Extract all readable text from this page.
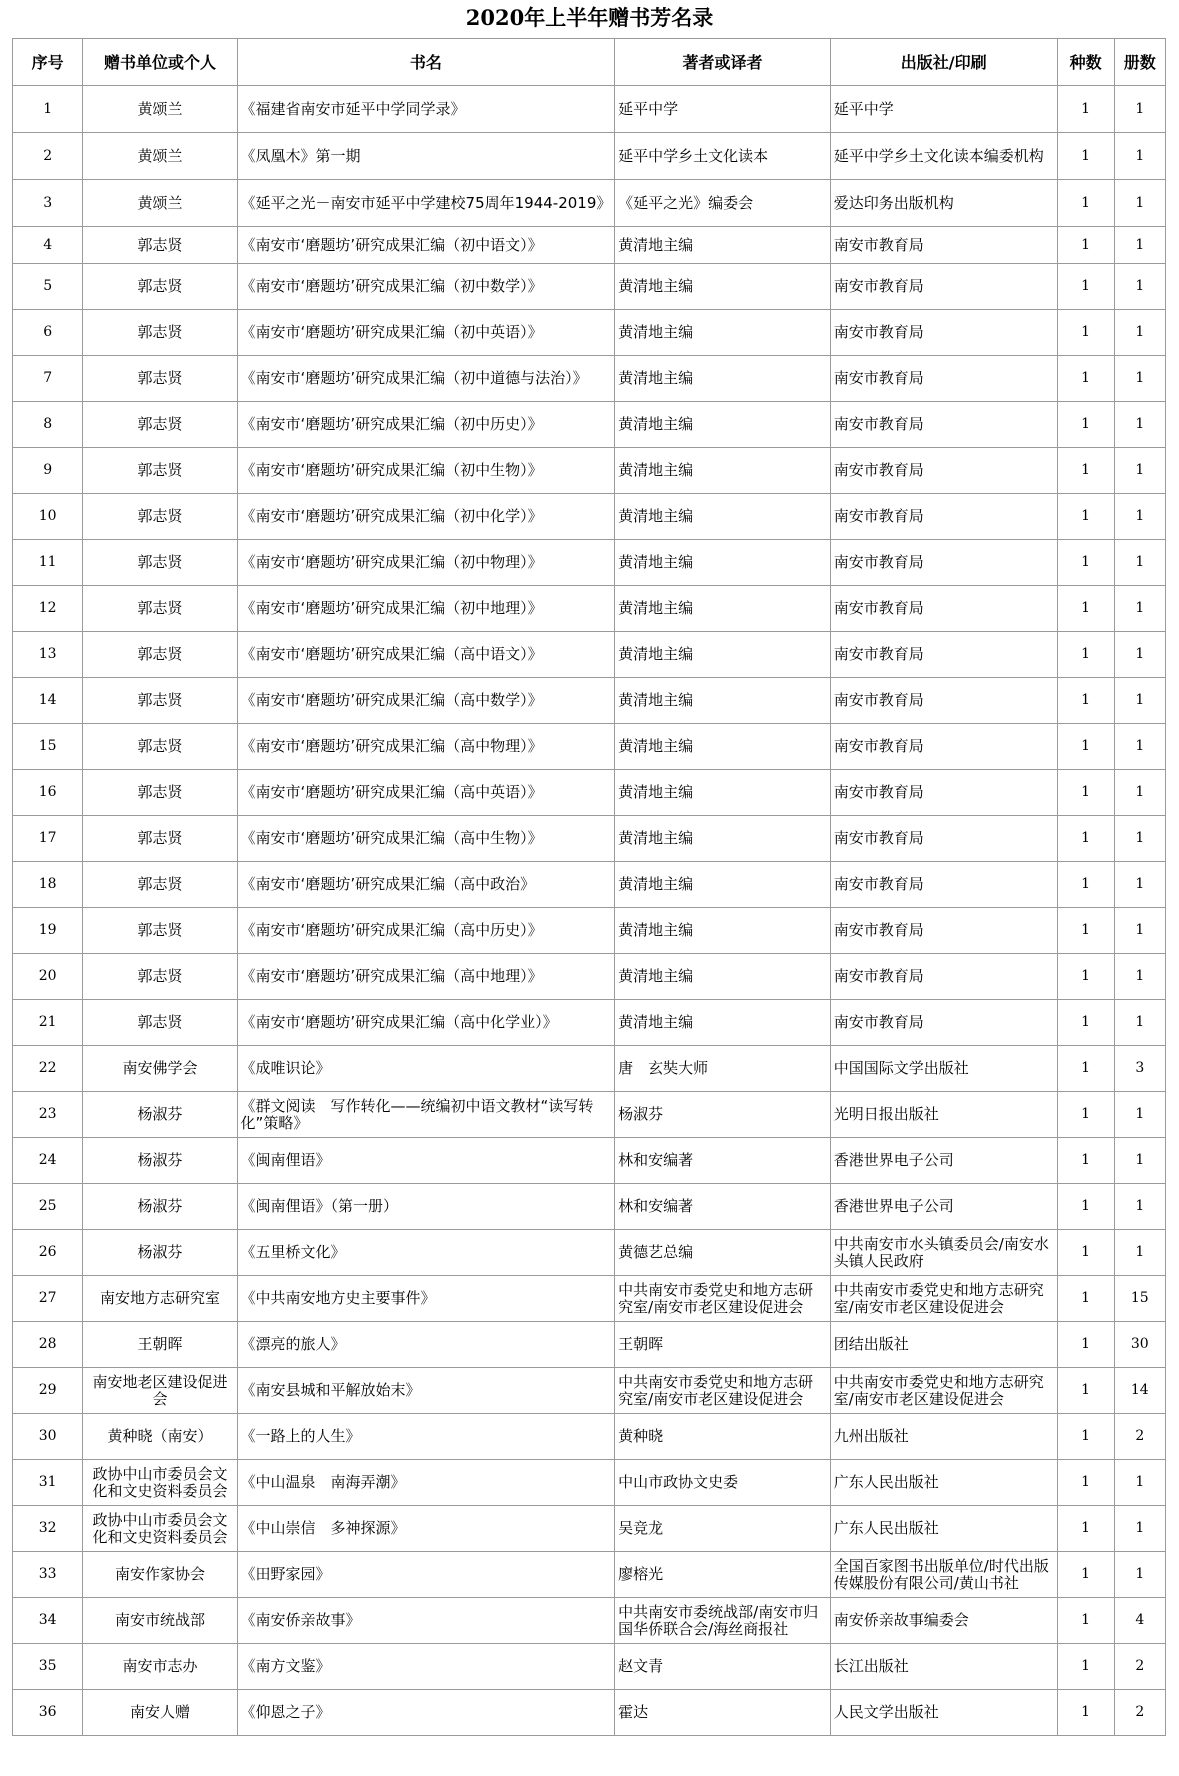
2020年上半年赠书芳名录
序号	赠书单位或个人	书名	著者或译者	出版社/印刷	种数	册数
1	黄颂兰	《福建省南安市延平中学同学录》	延平中学	延平中学	1	1
2	黄颂兰	《凤凰木》第一期	延平中学乡土文化读本	延平中学乡土文化读本编委机构	1	1
3	黄颂兰	《延平之光－南安市延平中学建校75周年1944-2019》	《延平之光》编委会	爱达印务出版机构	1	1
4	郭志贤	《南安市‘磨题坊’研究成果汇编（初中语文）》	黄清地主编	南安市教育局	1	1
5	郭志贤	《南安市‘磨题坊’研究成果汇编（初中数学）》	黄清地主编	南安市教育局	1	1
6	郭志贤	《南安市‘磨题坊’研究成果汇编（初中英语）》	黄清地主编	南安市教育局	1	1
7	郭志贤	《南安市‘磨题坊’研究成果汇编（初中道德与法治）》	黄清地主编	南安市教育局	1	1
8	郭志贤	《南安市‘磨题坊’研究成果汇编（初中历史）》	黄清地主编	南安市教育局	1	1
9	郭志贤	《南安市‘磨题坊’研究成果汇编（初中生物）》	黄清地主编	南安市教育局	1	1
10	郭志贤	《南安市‘磨题坊’研究成果汇编（初中化学）》	黄清地主编	南安市教育局	1	1
11	郭志贤	《南安市‘磨题坊’研究成果汇编（初中物理）》	黄清地主编	南安市教育局	1	1
12	郭志贤	《南安市‘磨题坊’研究成果汇编（初中地理）》	黄清地主编	南安市教育局	1	1
13	郭志贤	《南安市‘磨题坊’研究成果汇编（高中语文）》	黄清地主编	南安市教育局	1	1
14	郭志贤	《南安市‘磨题坊’研究成果汇编（高中数学）》	黄清地主编	南安市教育局	1	1
15	郭志贤	《南安市‘磨题坊’研究成果汇编（高中物理）》	黄清地主编	南安市教育局	1	1
16	郭志贤	《南安市‘磨题坊’研究成果汇编（高中英语）》	黄清地主编	南安市教育局	1	1
17	郭志贤	《南安市‘磨题坊’研究成果汇编（高中生物）》	黄清地主编	南安市教育局	1	1
18	郭志贤	《南安市‘磨题坊’研究成果汇编（高中政治》	黄清地主编	南安市教育局	1	1
19	郭志贤	《南安市‘磨题坊’研究成果汇编（高中历史）》	黄清地主编	南安市教育局	1	1
20	郭志贤	《南安市‘磨题坊’研究成果汇编（高中地理）》	黄清地主编	南安市教育局	1	1
21	郭志贤	《南安市‘磨题坊’研究成果汇编（高中化学业）》	黄清地主编	南安市教育局	1	1
22	南安佛学会	《成唯识论》	唐　玄奘大师	中国国际文学出版社	1	3
23	杨淑芬	《群文阅读　写作转化——统编初中语文教材“读写转化”策略》	杨淑芬	光明日报出版社	1	1
24	杨淑芬	《闽南俚语》	林和安编著	香港世界电子公司	1	1
25	杨淑芬	《闽南俚语》（第一册）	林和安编著	香港世界电子公司	1	1
26	杨淑芬	《五里桥文化》	黄德艺总编	中共南安市水头镇委员会/南安水头镇人民政府	1	1
27	南安地方志研究室	《中共南安地方史主要事件》	中共南安市委党史和地方志研究室/南安市老区建设促进会	中共南安市委党史和地方志研究室/南安市老区建设促进会	1	15
28	王朝晖	《漂亮的旅人》	王朝晖	团结出版社	1	30
29	南安地老区建设促进会	《南安县城和平解放始末》	中共南安市委党史和地方志研究室/南安市老区建设促进会	中共南安市委党史和地方志研究室/南安市老区建设促进会	1	14
30	黄种晓（南安）	《一路上的人生》	黄种晓	九州出版社	1	2
31	政协中山市委员会文化和文史资料委员会	《中山温泉　南海弄潮》	中山市政协文史委	广东人民出版社	1	1
32	政协中山市委员会文化和文史资料委员会	《中山崇信　多神探源》	吴竞龙	广东人民出版社	1	1
33	南安作家协会	《田野家园》	廖榕光	全国百家图书出版单位/时代出版传媒股份有限公司/黄山书社	1	1
34	南安市统战部	《南安侨亲故事》	中共南安市委统战部/南安市归国华侨联合会/海丝商报社	南安侨亲故事编委会	1	4
35	南安市志办	《南方文鉴》	赵文青	长江出版社	1	2
36	南安人赠	《仰恩之子》	霍达	人民文学出版社	1	2
